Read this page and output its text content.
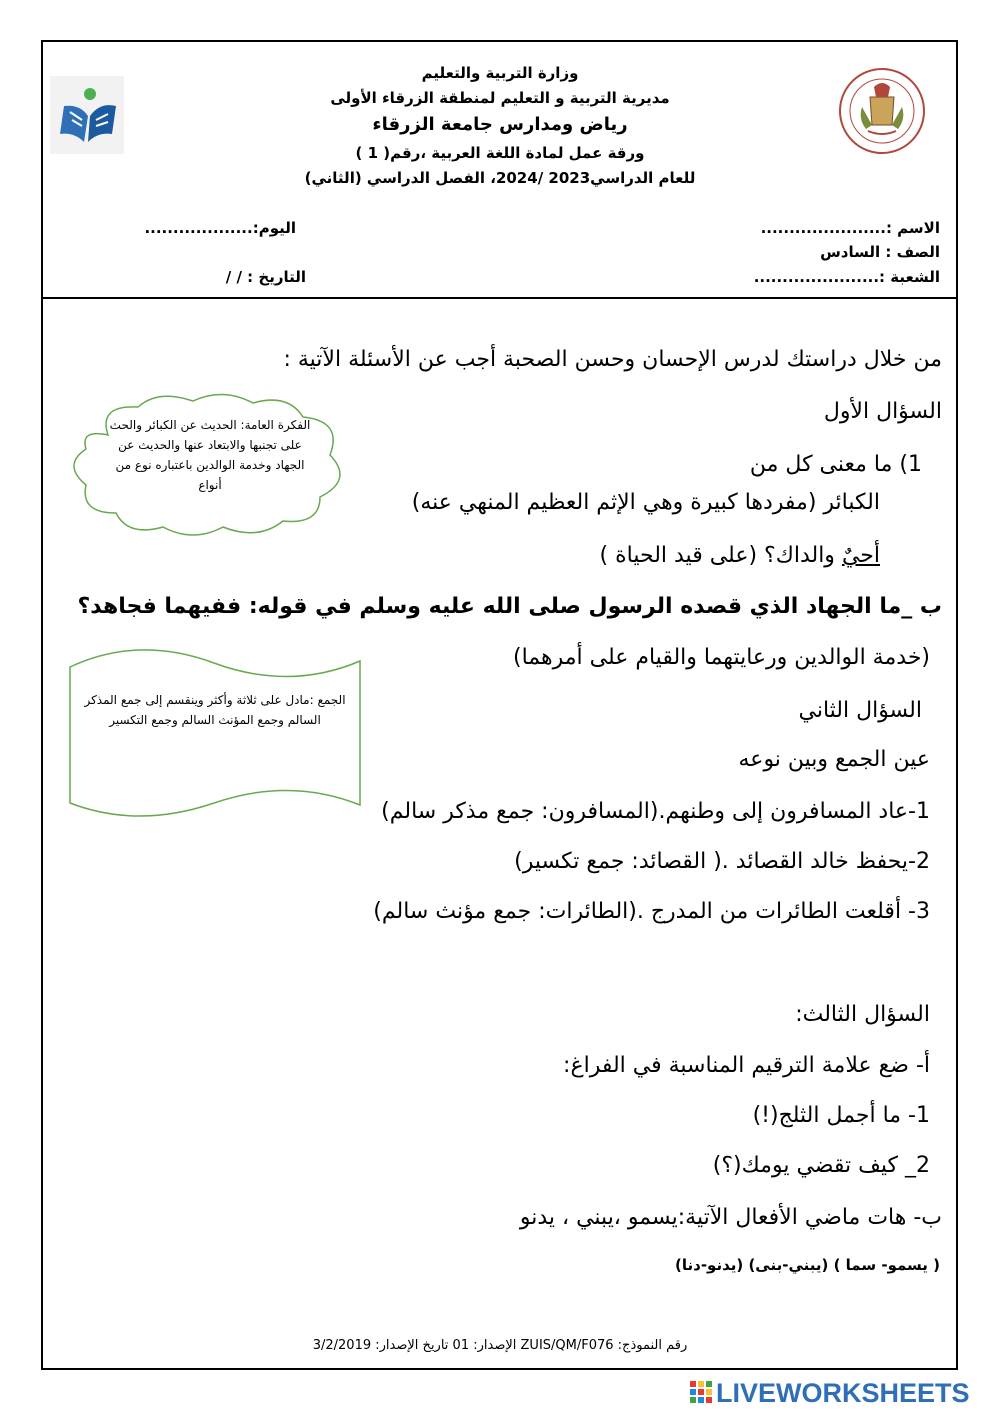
وزارة التربية والتعليم
مديرية التربية و التعليم لمنطقة الزرقاء الأولى
رياض ومدارس جامعة الزرقاء
ورقة عمل لمادة اللغة العربية ،رقم( 1 )
للعام الدراسي2023 /2024، الفصل الدراسي (الثاني)
الاسم :......................
الصف : السادس
الشعبة :......................
اليوم:...................
التاريخ : / /
من خلال دراستك لدرس الإحسان وحسن الصحبة أجب عن الأسئلة الآتية :
السؤال الأول
1) ما معنى كل من
الكبائر (مفردها كبيرة وهي الإثم العظيم المنهي عنه)
أحيٌ والداك؟ (على قيد الحياة )
ب _ما الجهاد الذي قصده الرسول صلى الله عليه وسلم في قوله: ففيهما فجاهد؟
(خدمة الوالدين ورعايتهما والقيام على أمرهما)
الفكرة العامة: الحديث عن الكبائر والحث على تجنبها والابتعاد عنها والحديث عن الجهاد وخدمة الوالدين باعتباره نوع من أنواع
الجمع :مادل على ثلاثة وأكثر وينقسم إلى جمع المذكر السالم وجمع المؤنث السالم وجمع التكسير	السؤال الثاني
عين الجمع وبين نوعه
1-عاد المسافرون إلى وطنهم.(المسافرون: جمع مذكر سالم)
2-يحفظ خالد القصائد .( القصائد: جمع تكسير)
3- أقلعت الطائرات من المدرج .(الطائرات: جمع مؤنث سالم)
السؤال الثالث:
أ- ضع علامة الترقيم المناسبة في الفراغ:
1- ما أجمل الثلج(!)
2_ كيف تقضي يومك(؟)
ب- هات ماضي الأفعال الآتية:يسمو ،يبني ، يدنو
( يسمو- سما ) (يبني-بنى) (يدنو-دنا)
رقم النموذج: ZUIS/QM/F076 الإصدار: 01 تاريخ الإصدار: 3/2/2019
LIVEWORKSHEETS
